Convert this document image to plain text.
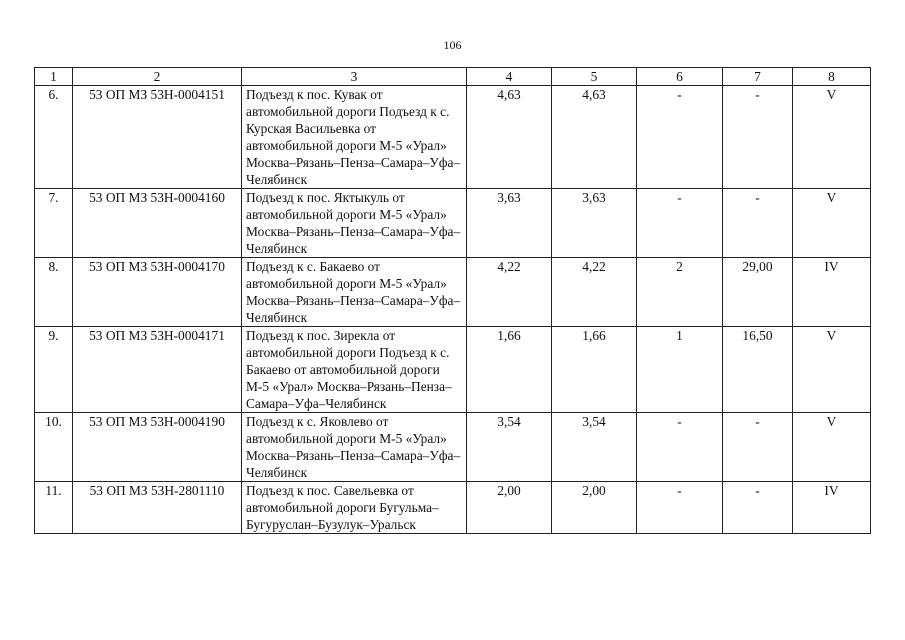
106
1	2	3	4	5	6	7	8
6.	53 ОП МЗ 53Н-0004151	Подъезд к пос. Кувак от автомобильной дороги Подъезд к с. Курская Васильевка от автомобильной дороги М-5 «Урал» Москва–Рязань–Пенза–Самара–Уфа–Челябинск	4,63	4,63	-	-	V
7.	53 ОП МЗ 53Н-0004160	Подъезд к пос. Яктыкуль от автомобильной дороги М-5 «Урал» Москва–Рязань–Пенза–Самара–Уфа–Челябинск	3,63	3,63	-	-	V
8.	53 ОП МЗ 53Н-0004170	Подъезд к с. Бакаево от автомобильной дороги М-5 «Урал» Москва–Рязань–Пенза–Самара–Уфа–Челябинск	4,22	4,22	2	29,00	IV
9.	53 ОП МЗ 53Н-0004171	Подъезд к пос. Зирекла от автомобильной дороги Подъезд к с. Бакаево от автомобильной дороги М-5 «Урал» Москва–Рязань–Пенза–Самара–Уфа–Челябинск	1,66	1,66	1	16,50	V
10.	53 ОП МЗ 53Н-0004190	Подъезд к с. Яковлево от автомобильной дороги М-5 «Урал» Москва–Рязань–Пенза–Самара–Уфа–Челябинск	3,54	3,54	-	-	V
11.	53 ОП МЗ 53Н-2801110	Подъезд к пос. Савельевка от автомобильной дороги Бугульма–Бугуруслан–Бузулук–Уральск	2,00	2,00	-	-	IV
